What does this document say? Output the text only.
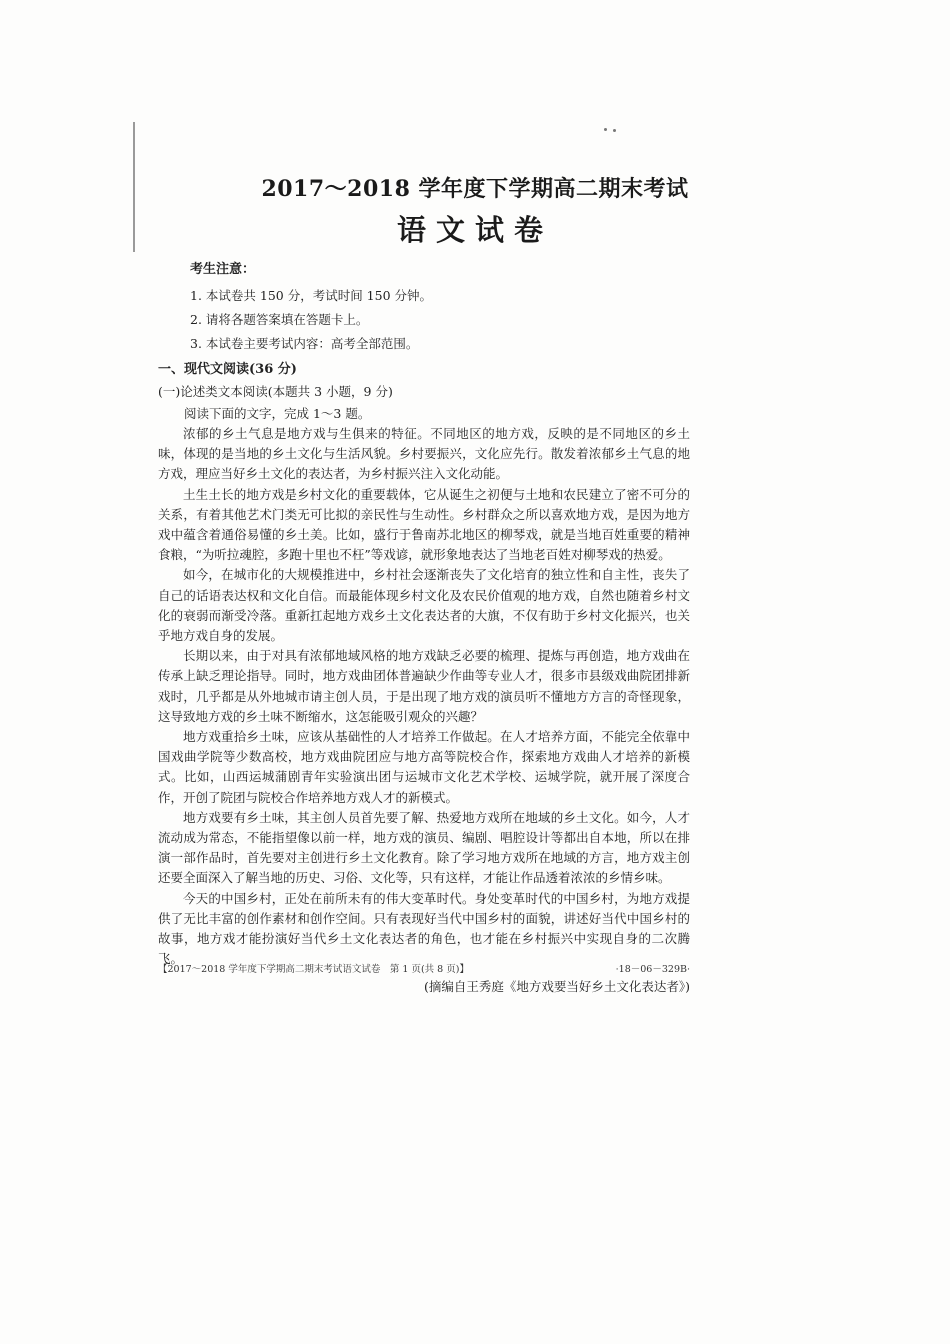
2017～2018 学年度下学期高二期末考试
语文试卷
考生注意：
1. 本试卷共 150 分，考试时间 150 分钟。
2. 请将各题答案填在答题卡上。
3. 本试卷主要考试内容：高考全部范围。
一、现代文阅读(36 分)
(一)论述类文本阅读(本题共 3 小题，9 分)
阅读下面的文字，完成 1～3 题。

浓郁的乡土气息是地方戏与生俱来的特征。不同地区的地方戏，反映的是不同地区的乡土味，体现的是当地的乡土文化与生活风貌。乡村要振兴，文化应先行。散发着浓郁乡土气息的地方戏，理应当好乡土文化的表达者，为乡村振兴注入文化动能。

土生土长的地方戏是乡村文化的重要载体，它从诞生之初便与土地和农民建立了密不可分的关系，有着其他艺术门类无可比拟的亲民性与生动性。乡村群众之所以喜欢地方戏，是因为地方戏中蕴含着通俗易懂的乡土美。比如，盛行于鲁南苏北地区的柳琴戏，就是当地百姓重要的精神食粮，“为听拉魂腔，多跑十里也不枉”等戏谚，就形象地表达了当地老百姓对柳琴戏的热爱。

如今，在城市化的大规模推进中，乡村社会逐渐丧失了文化培育的独立性和自主性，丧失了自己的话语表达权和文化自信。而最能体现乡村文化及农民价值观的地方戏，自然也随着乡村文化的衰弱而渐受冷落。重新扛起地方戏乡土文化表达者的大旗，不仅有助于乡村文化振兴，也关乎地方戏自身的发展。

长期以来，由于对具有浓郁地域风格的地方戏缺乏必要的梳理、提炼与再创造，地方戏曲在传承上缺乏理论指导。同时，地方戏曲团体普遍缺少作曲等专业人才，很多市县级戏曲院团排新戏时，几乎都是从外地城市请主创人员，于是出现了地方戏的演员听不懂地方方言的奇怪现象，这导致地方戏的乡土味不断缩水，这怎能吸引观众的兴趣？

地方戏重拾乡土味，应该从基础性的人才培养工作做起。在人才培养方面，不能完全依靠中国戏曲学院等少数高校，地方戏曲院团应与地方高等院校合作，探索地方戏曲人才培养的新模式。比如，山西运城蒲剧青年实验演出团与运城市文化艺术学校、运城学院，就开展了深度合作，开创了院团与院校合作培养地方戏人才的新模式。

地方戏要有乡土味，其主创人员首先要了解、热爱地方戏所在地域的乡土文化。如今，人才流动成为常态，不能指望像以前一样，地方戏的演员、编剧、唱腔设计等都出自本地，所以在排演一部作品时，首先要对主创进行乡土文化教育。除了学习地方戏所在地域的方言，地方戏主创还要全面深入了解当地的历史、习俗、文化等，只有这样，才能让作品透着浓浓的乡情乡味。

今天的中国乡村，正处在前所未有的伟大变革时代。身处变革时代的中国乡村，为地方戏提供了无比丰富的创作素材和创作空间。只有表现好当代中国乡村的面貌，讲述好当代中国乡村的故事，地方戏才能扮演好当代乡土文化表达者的角色，也才能在乡村振兴中实现自身的二次腾飞。

(摘编自王秀庭《地方戏要当好乡土文化表达者》)
【2017～2018 学年度下学期高二期末考试语文试卷　第 1 页(共 8 页)】	·18－06－329B·
